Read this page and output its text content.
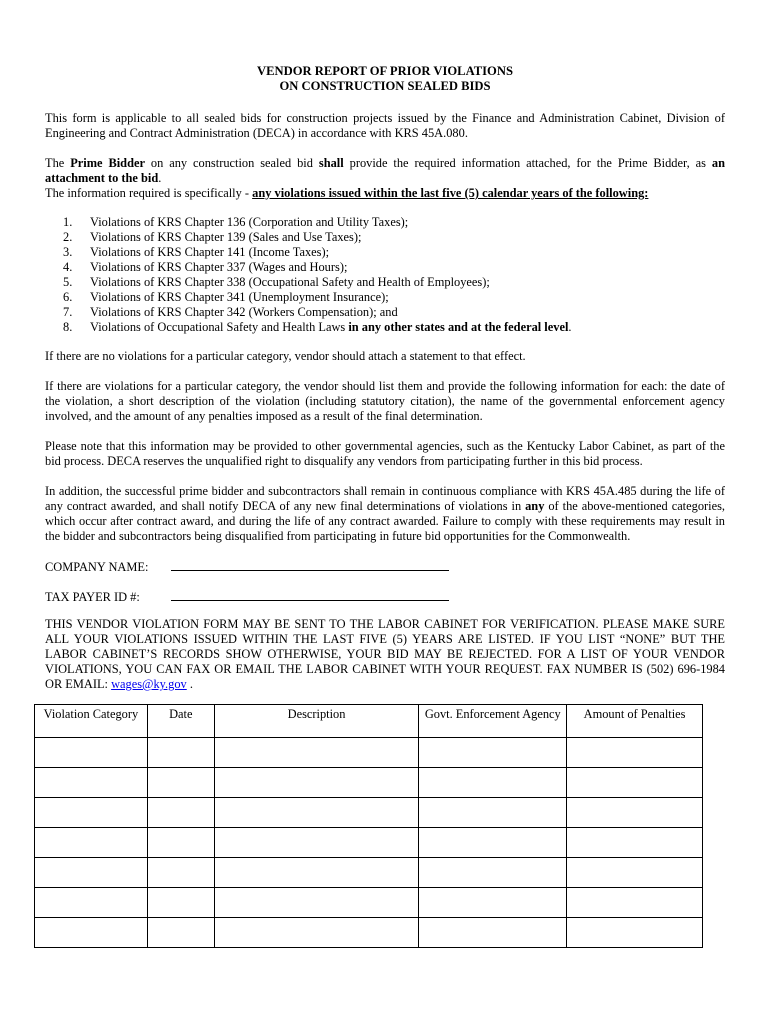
VENDOR REPORT OF PRIOR VIOLATIONS
ON CONSTRUCTION SEALED BIDS
This form is applicable to all sealed bids for construction projects issued by the Finance and Administration Cabinet, Division of Engineering and Contract Administration (DECA) in accordance with KRS 45A.080.
The Prime Bidder on any construction sealed bid shall provide the required information attached, for the Prime Bidder, as an attachment to the bid.
The information required is specifically - any violations issued within the last five (5) calendar years of the following:
1. Violations of KRS Chapter 136 (Corporation and Utility Taxes);
2. Violations of KRS Chapter 139 (Sales and Use Taxes);
3. Violations of KRS Chapter 141 (Income Taxes);
4. Violations of KRS Chapter 337 (Wages and Hours);
5. Violations of KRS Chapter 338 (Occupational Safety and Health of Employees);
6. Violations of KRS Chapter 341 (Unemployment Insurance);
7. Violations of KRS Chapter 342 (Workers Compensation); and
8. Violations of Occupational Safety and Health Laws in any other states and at the federal level.
If there are no violations for a particular category, vendor should attach a statement to that effect.
If there are violations for a particular category, the vendor should list them and provide the following information for each: the date of the violation, a short description of the violation (including statutory citation), the name of the governmental enforcement agency involved, and the amount of any penalties imposed as a result of the final determination.
Please note that this information may be provided to other governmental agencies, such as the Kentucky Labor Cabinet, as part of the bid process. DECA reserves the unqualified right to disqualify any vendors from participating further in this bid process.
In addition, the successful prime bidder and subcontractors shall remain in continuous compliance with KRS 45A.485 during the life of any contract awarded, and shall notify DECA of any new final determinations of violations in any of the above-mentioned categories, which occur after contract award, and during the life of any contract awarded. Failure to comply with these requirements may result in the bidder and subcontractors being disqualified from participating in future bid opportunities for the Commonwealth.
COMPANY NAME:
TAX PAYER ID #:
THIS VENDOR VIOLATION FORM MAY BE SENT TO THE LABOR CABINET FOR VERIFICATION. PLEASE MAKE SURE ALL YOUR VIOLATIONS ISSUED WITHIN THE LAST FIVE (5) YEARS ARE LISTED. IF YOU LIST “NONE” BUT THE LABOR CABINET’S RECORDS SHOW OTHERWISE, YOUR BID MAY BE REJECTED. FOR A LIST OF YOUR VENDOR VIOLATIONS, YOU CAN FAX OR EMAIL THE LABOR CABINET WITH YOUR REQUEST. FAX NUMBER IS (502) 696-1984 OR EMAIL: wages@ky.gov .
Violation Category	Date	Description	Govt. Enforcement Agency	Amount of Penalties
